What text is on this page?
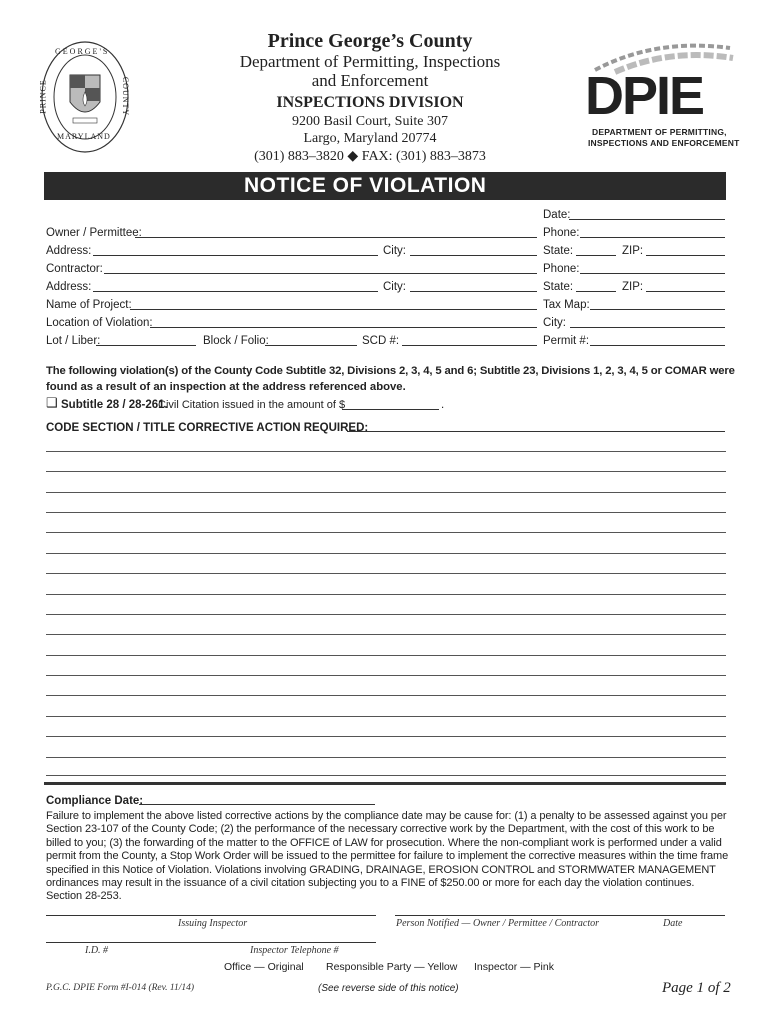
GEORGE'S
PRINCE	COUNTY
MARYLAND
Prince George’s County
Department of Permitting, Inspections
and Enforcement
INSPECTIONS DIVISION
9200 Basil Court, Suite 307
Largo, Maryland 20774
(301) 883–3820 ◆ FAX: (301) 883–3873
DPIE
DEPARTMENT OF PERMITTING,
INSPECTIONS AND ENFORCEMENT
NOTICE OF VIOLATION
Date:
Owner / Permittee:	Phone:
Address:	City:	State:	ZIP:
Contractor:	Phone:
Address:	City:	State:	ZIP:
Name of Project:	Tax Map:
Location of Violation:	City:
Lot / Liber:	Block / Folio:	SCD #:	Permit #:
The following violation(s) of the County Code Subtitle 32, Divisions 2, 3, 4, 5 and 6; Subtitle 23, Divisions 1, 2, 3, 4, 5 or COMAR were
found as a result of an inspection at the address referenced above.
❑ Subtitle 28 / 28-261.
Civil Citation issued in the amount of $	.
CODE SECTION / TITLE CORRECTIVE ACTION REQUIRED:
Compliance Date:
Failure to implement the above listed corrective actions by the compliance date may be cause for: (1) a penalty to be assessed against you per
Section 23-107 of the County Code; (2) the performance of the necessary corrective work by the Department, with the cost of this work to be
billed to you; (3) the forwarding of the matter to the OFFICE of LAW for prosecution. Where the non-compliant work is performed under a valid
permit from the County, a Stop Work Order will be issued to the permittee for failure to implement the corrective measures within the time frame
specified in this Notice of Violation. Violations involving GRADING, DRAINAGE, EROSION CONTROL and STORMWATER MANAGEMENT
ordinances may result in the issuance of a civil citation subjecting you to a FINE of $250.00 or more for each day the violation continues.
Section 28-253.
Issuing Inspector	Person Notified — Owner / Permittee / Contractor	Date
I.D. #	Inspector Telephone #
Office — Original Responsible Party — Yellow Inspector — Pink
P.G.C. DPIE Form #I-014 (Rev. 11/14)	(See reverse side of this notice)	Page 1 of 2
